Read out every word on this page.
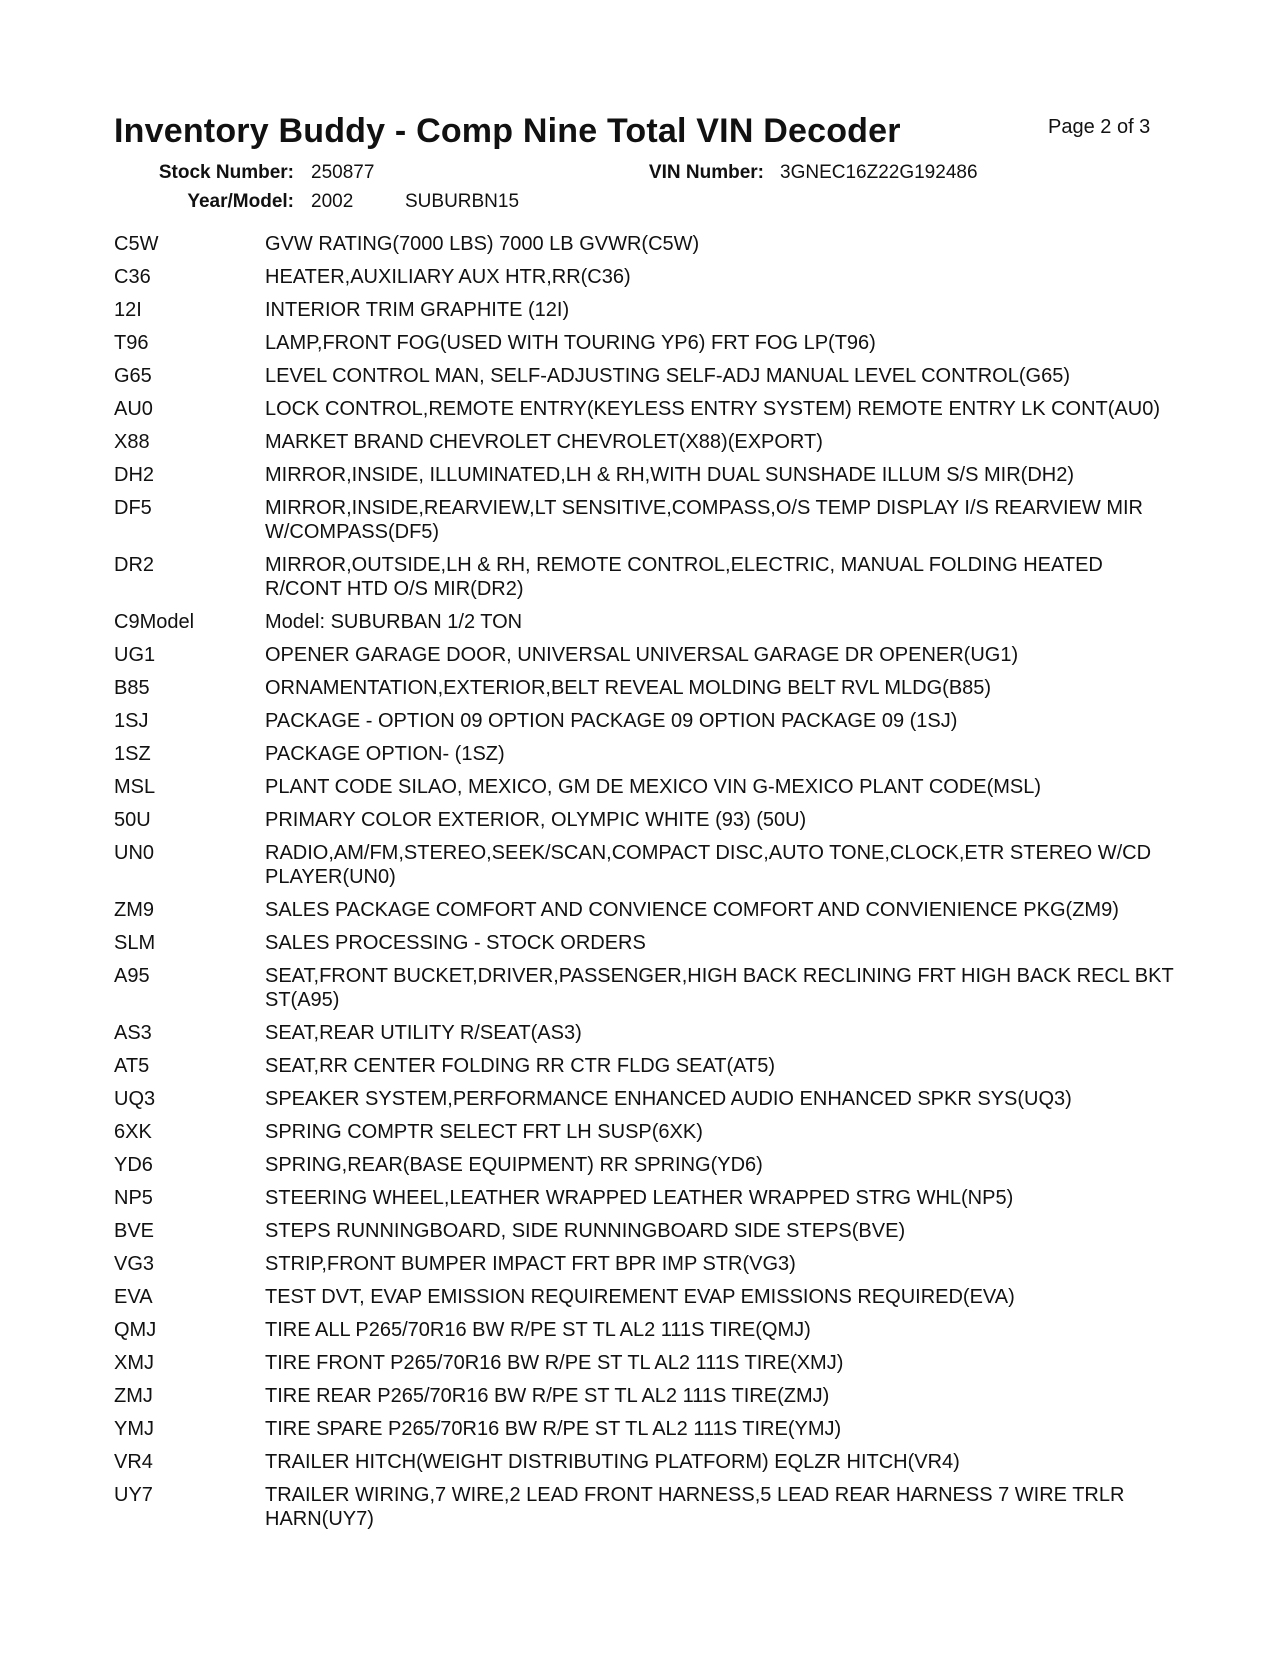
Inventory Buddy - Comp Nine Total VIN Decoder	Page 2 of 3
Stock Number: 250877	VIN Number: 3GNEC16Z22G192486
Year/Model: 2002	SUBURBN15
C5W	GVW RATING(7000 LBS) 7000 LB GVWR(C5W)
C36	HEATER,AUXILIARY AUX HTR,RR(C36)
12I	INTERIOR TRIM GRAPHITE (12I)
T96	LAMP,FRONT FOG(USED WITH TOURING YP6) FRT FOG LP(T96)
G65	LEVEL CONTROL MAN, SELF-ADJUSTING SELF-ADJ MANUAL LEVEL CONTROL(G65)
AU0	LOCK CONTROL,REMOTE ENTRY(KEYLESS ENTRY SYSTEM) REMOTE ENTRY LK CONT(AU0)
X88	MARKET BRAND CHEVROLET CHEVROLET(X88)(EXPORT)
DH2	MIRROR,INSIDE, ILLUMINATED,LH & RH,WITH DUAL SUNSHADE ILLUM S/S MIR(DH2)
DF5	MIRROR,INSIDE,REARVIEW,LT SENSITIVE,COMPASS,O/S TEMP DISPLAY I/S REARVIEW MIR W/COMPASS(DF5)
DR2	MIRROR,OUTSIDE,LH & RH, REMOTE CONTROL,ELECTRIC, MANUAL FOLDING HEATED R/CONT HTD O/S MIR(DR2)
C9Model	Model: SUBURBAN 1/2 TON
UG1	OPENER GARAGE DOOR, UNIVERSAL UNIVERSAL GARAGE DR OPENER(UG1)
B85	ORNAMENTATION,EXTERIOR,BELT REVEAL MOLDING BELT RVL MLDG(B85)
1SJ	PACKAGE - OPTION 09 OPTION PACKAGE 09 OPTION PACKAGE 09 (1SJ)
1SZ	PACKAGE OPTION- (1SZ)
MSL	PLANT CODE SILAO, MEXICO, GM DE MEXICO VIN G-MEXICO PLANT CODE(MSL)
50U	PRIMARY COLOR EXTERIOR, OLYMPIC WHITE (93) (50U)
UN0	RADIO,AM/FM,STEREO,SEEK/SCAN,COMPACT DISC,AUTO TONE,CLOCK,ETR STEREO W/CD PLAYER(UN0)
ZM9	SALES PACKAGE COMFORT AND CONVIENCE COMFORT AND CONVIENIENCE PKG(ZM9)
SLM	SALES PROCESSING - STOCK ORDERS
A95	SEAT,FRONT BUCKET,DRIVER,PASSENGER,HIGH BACK RECLINING FRT HIGH BACK RECL BKT ST(A95)
AS3	SEAT,REAR UTILITY R/SEAT(AS3)
AT5	SEAT,RR CENTER FOLDING RR CTR FLDG SEAT(AT5)
UQ3	SPEAKER SYSTEM,PERFORMANCE ENHANCED AUDIO ENHANCED SPKR SYS(UQ3)
6XK	SPRING COMPTR SELECT FRT LH SUSP(6XK)
YD6	SPRING,REAR(BASE EQUIPMENT) RR SPRING(YD6)
NP5	STEERING WHEEL,LEATHER WRAPPED LEATHER WRAPPED STRG WHL(NP5)
BVE	STEPS RUNNINGBOARD, SIDE RUNNINGBOARD SIDE STEPS(BVE)
VG3	STRIP,FRONT BUMPER IMPACT FRT BPR IMP STR(VG3)
EVA	TEST DVT, EVAP EMISSION REQUIREMENT EVAP EMISSIONS REQUIRED(EVA)
QMJ	TIRE ALL P265/70R16 BW R/PE ST TL AL2 111S TIRE(QMJ)
XMJ	TIRE FRONT P265/70R16 BW R/PE ST TL AL2 111S TIRE(XMJ)
ZMJ	TIRE REAR P265/70R16 BW R/PE ST TL AL2 111S TIRE(ZMJ)
YMJ	TIRE SPARE P265/70R16 BW R/PE ST TL AL2 111S TIRE(YMJ)
VR4	TRAILER HITCH(WEIGHT DISTRIBUTING PLATFORM) EQLZR HITCH(VR4)
UY7	TRAILER WIRING,7 WIRE,2 LEAD FRONT HARNESS,5 LEAD REAR HARNESS 7 WIRE TRLR HARN(UY7)
